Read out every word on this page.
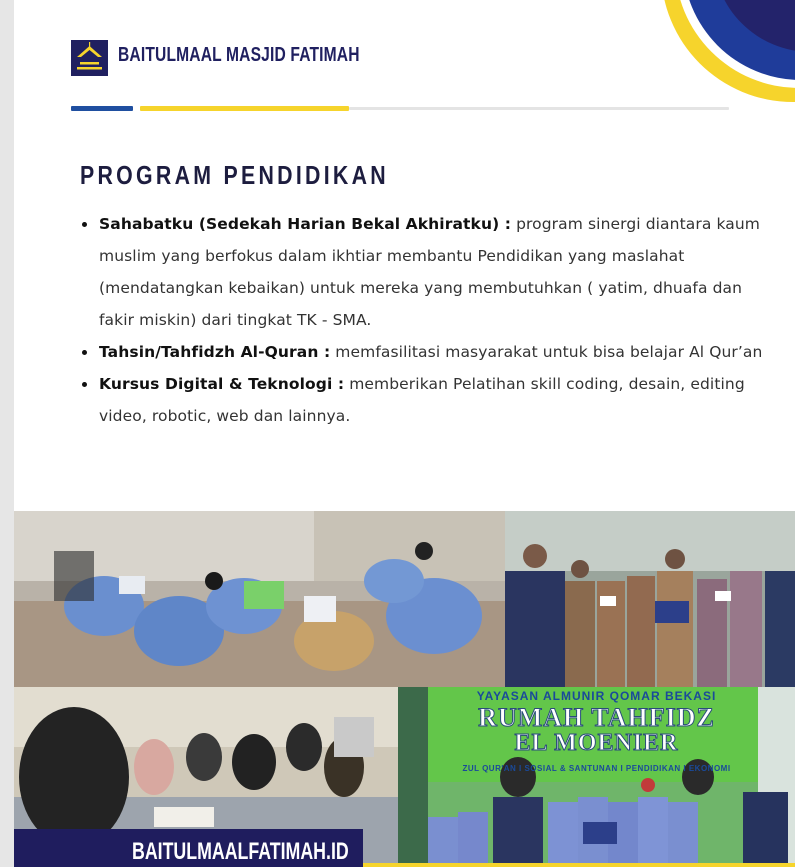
BAITULMAAL MASJID FATIMAH
PROGRAM PENDIDIKAN
Sahabatku (Sedekah Harian Bekal Akhiratku) : program sinergi diantara kaum muslim yang berfokus dalam ikhtiar membantu Pendidikan yang maslahat (mendatangkan kebaikan) untuk mereka yang membutuhkan ( yatim, dhuafa dan fakir miskin) dari tingkat TK - SMA.
Tahsin/Tahfidzh Al-Quran : memfasilitasi masyarakat untuk bisa belajar Al Qur’an
Kursus Digital & Teknologi : memberikan Pelatihan skill coding, desain, editing video, robotic, web dan lainnya.
YAYASAN ALMUNIR QOMAR BEKASI
RUMAH TAHFIDZ
EL MOENIER
ZUL QUR'AN I SOSIAL & SANTUNAN I PENDIDIKAN I EKONOMI
BAITULMAALFATIMAH.ID
